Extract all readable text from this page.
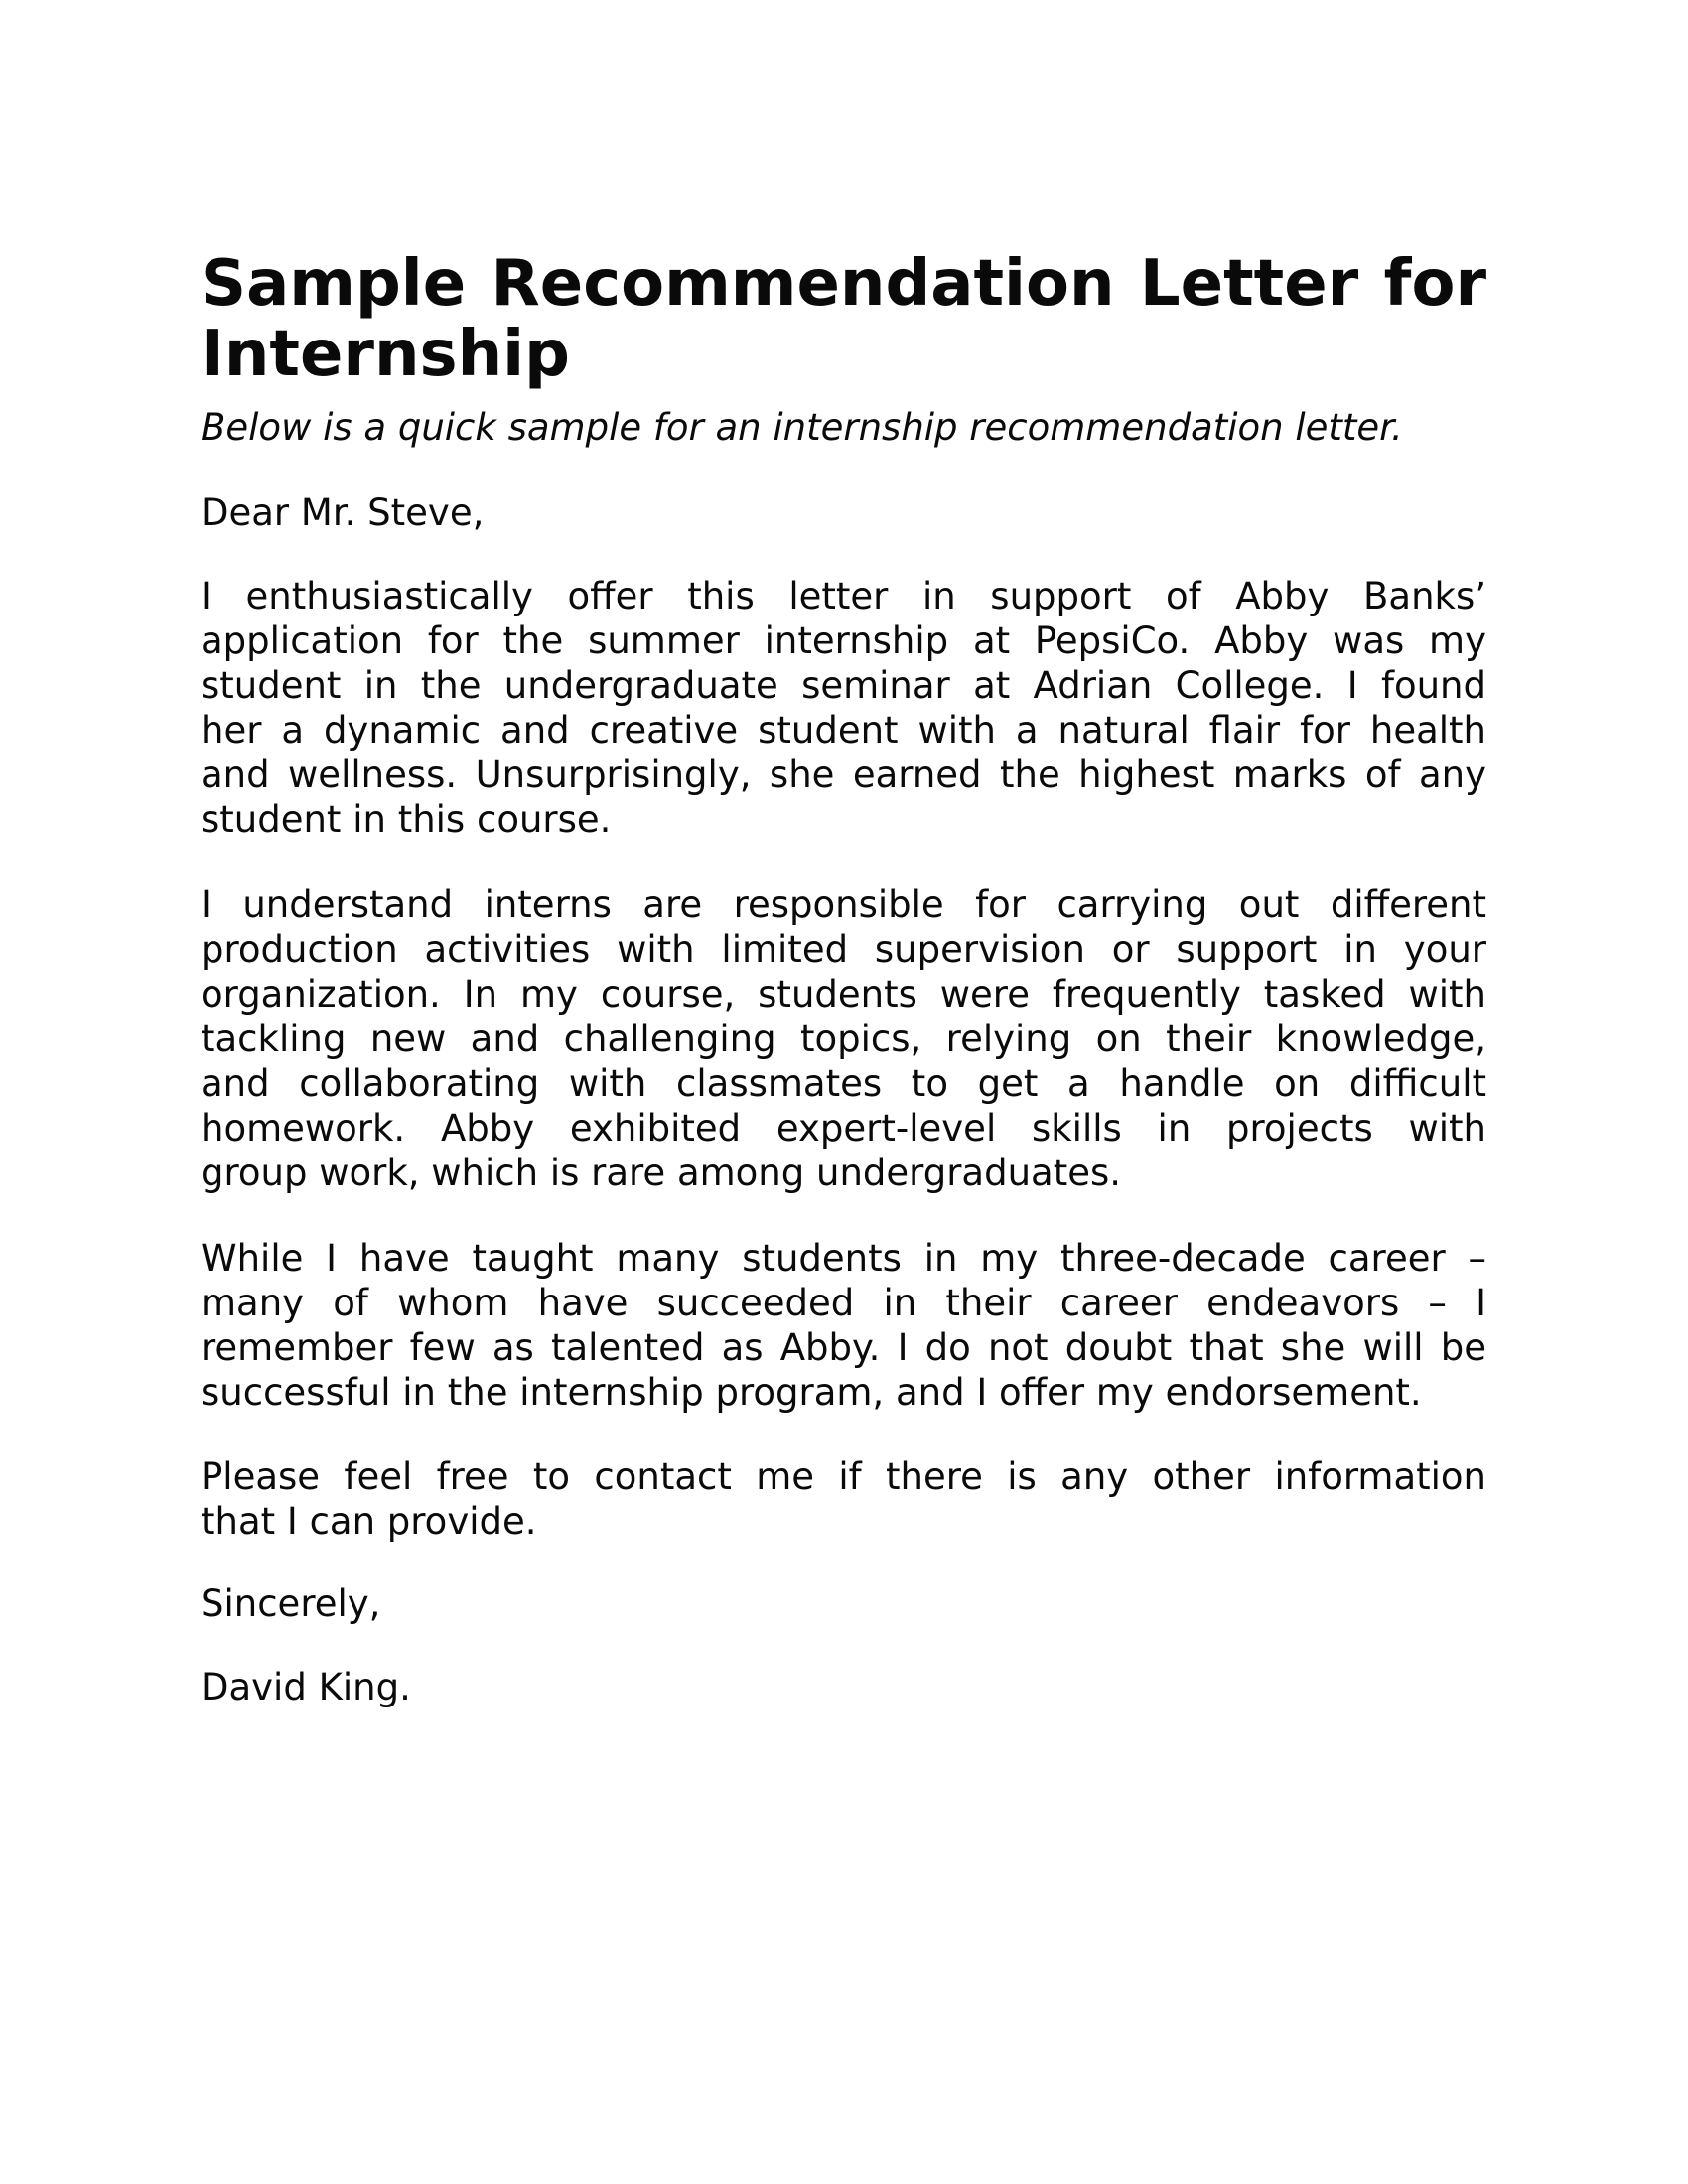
Sample Recommendation Letter for
Internship

Below is a quick sample for an internship recommendation letter.

Dear Mr. Steve,

I enthusiastically offer this letter in support of Abby Banks’
application for the summer internship at PepsiCo. Abby was my
student in the undergraduate seminar at Adrian College. I found
her a dynamic and creative student with a natural flair for health
and wellness. Unsurprisingly, she earned the highest marks of any
student in this course.

I understand interns are responsible for carrying out different
production activities with limited supervision or support in your
organization. In my course, students were frequently tasked with
tackling new and challenging topics, relying on their knowledge,
and collaborating with classmates to get a handle on difficult
homework. Abby exhibited expert-level skills in projects with
group work, which is rare among undergraduates.

While I have taught many students in my three-decade career –
many of whom have succeeded in their career endeavors – I
remember few as talented as Abby. I do not doubt that she will be
successful in the internship program, and I offer my endorsement.

Please feel free to contact me if there is any other information
that I can provide.

Sincerely,

David King.
